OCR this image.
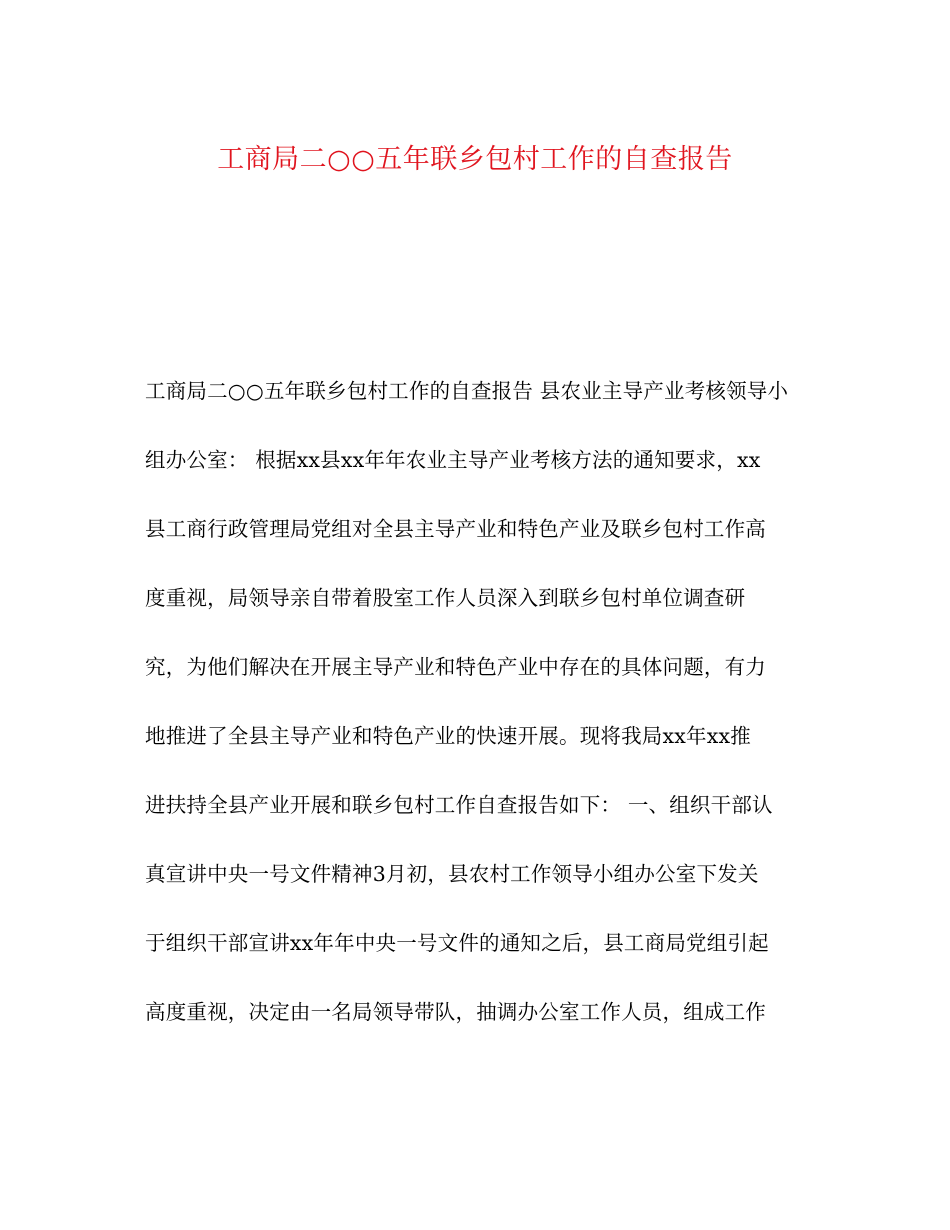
工商局二○○五年联乡包村工作的自查报告
工商局二○○五年联乡包村工作的自查报告 县农业主导产业考核领导小
组办公室： 根据xx县xx年年农业主导产业考核方法的通知要求，xx
县工商行政管理局党组对全县主导产业和特色产业及联乡包村工作高
度重视，局领导亲自带着股室工作人员深入到联乡包村单位调查研
究，为他们解决在开展主导产业和特色产业中存在的具体问题，有力
地推进了全县主导产业和特色产业的快速开展。现将我局xx年xx推
进扶持全县产业开展和联乡包村工作自查报告如下： 一、组织干部认
真宣讲中央一号文件精神3月初，县农村工作领导小组办公室下发关
于组织干部宣讲xx年年中央一号文件的通知之后，县工商局党组引起
高度重视，决定由一名局领导带队，抽调办公室工作人员，组成工作
